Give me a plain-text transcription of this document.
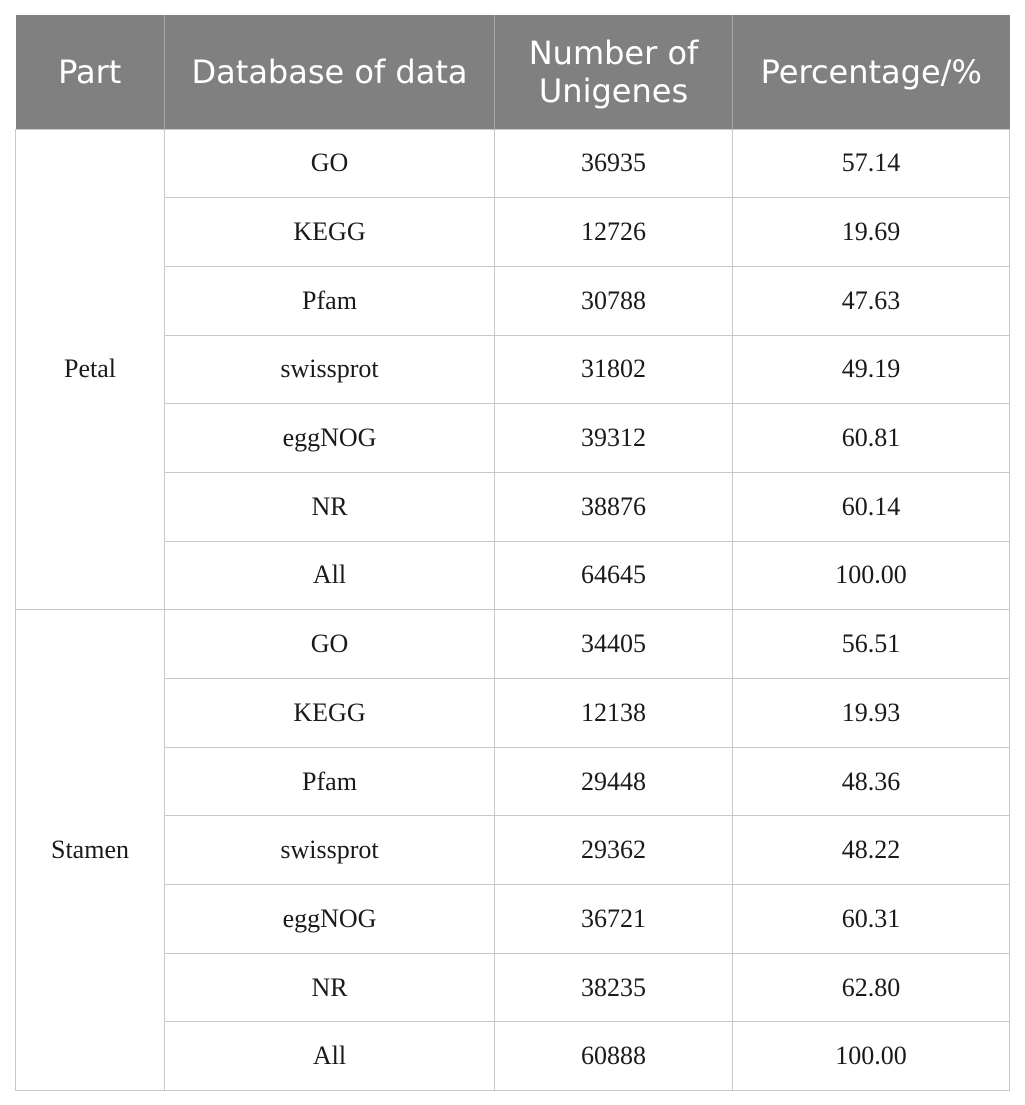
Part	Database of data	Number of Unigenes	Percentage/%
Petal	GO	36935	57.14
	KEGG	12726	19.69
	Pfam	30788	47.63
	swissprot	31802	49.19
	eggNOG	39312	60.81
	NR	38876	60.14
	All	64645	100.00
Stamen	GO	34405	56.51
	KEGG	12138	19.93
	Pfam	29448	48.36
	swissprot	29362	48.22
	eggNOG	36721	60.31
	NR	38235	62.80
	All	60888	100.00
